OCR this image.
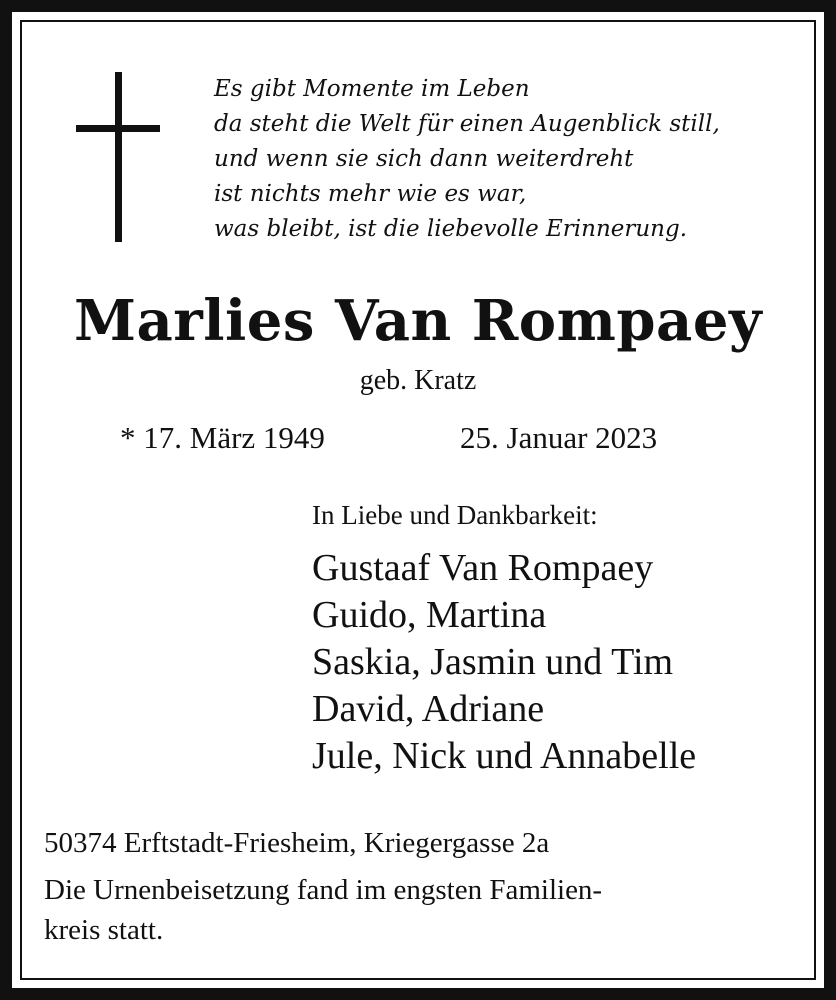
Es gibt Momente im Leben
da steht die Welt für einen Augenblick still,
und wenn sie sich dann weiterdreht
ist nichts mehr wie es war,
was bleibt, ist die liebevolle Erinnerung.
Marlies Van Rompaey
geb. Kratz
* 17. März 1949	25. Januar 2023
In Liebe und Dankbarkeit:
Gustaaf Van Rompaey
Guido, Martina
Saskia, Jasmin und Tim
David, Adriane
Jule, Nick und Annabelle
50374 Erftstadt-Friesheim, Kriegergasse 2a
Die Urnenbeisetzung fand im engsten Familien-
kreis statt.
